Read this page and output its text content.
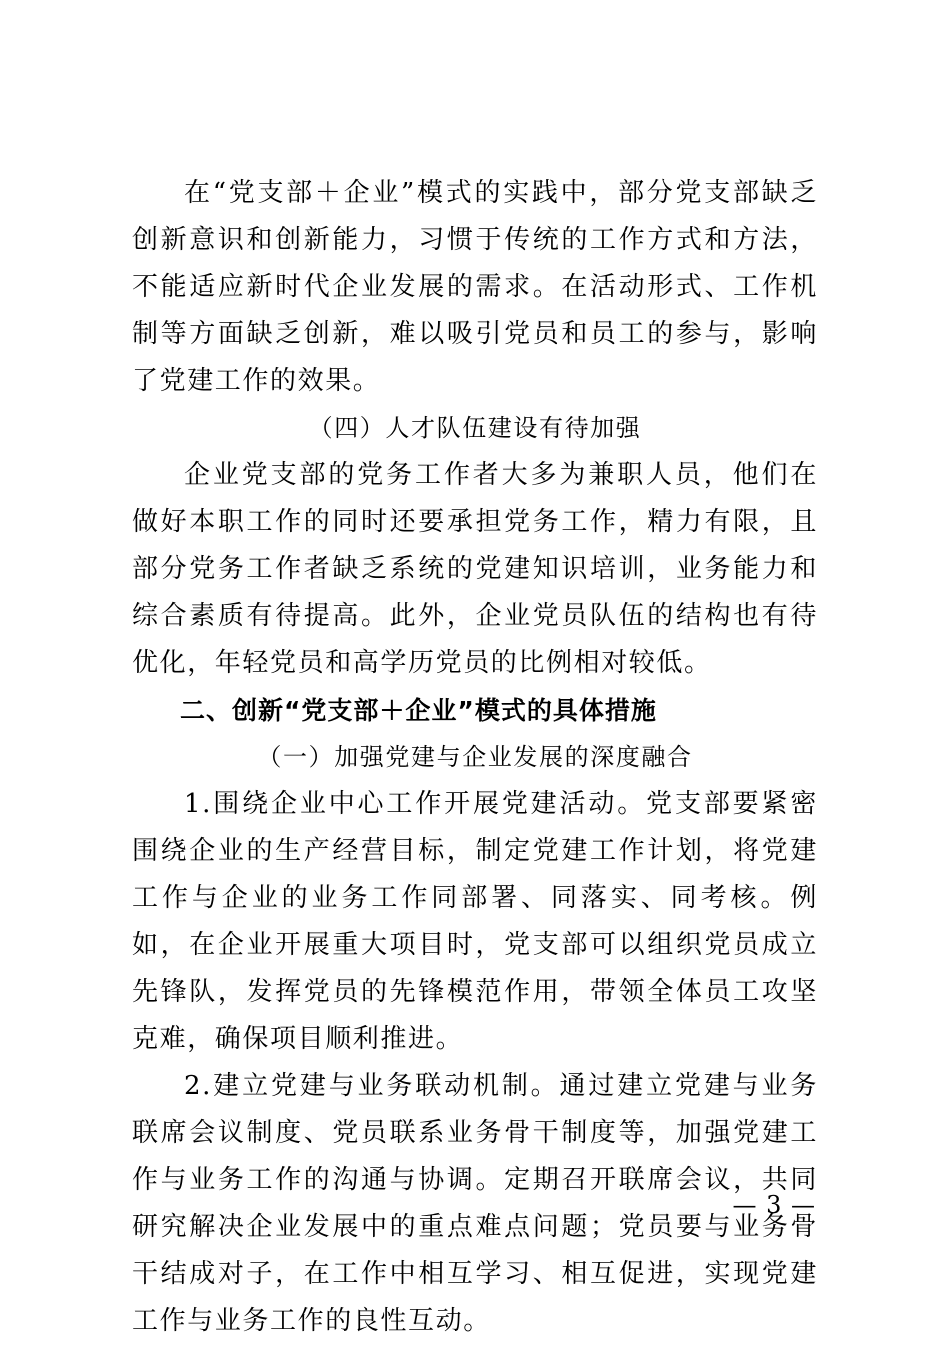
在“党支部＋企业”模式的实践中，部分党支部缺乏创新意识和创新能力，习惯于传统的工作方式和方法，不能适应新时代企业发展的需求。在活动形式、工作机制等方面缺乏创新，难以吸引党员和员工的参与，影响了党建工作的效果。

（四）人才队伍建设有待加强

企业党支部的党务工作者大多为兼职人员，他们在做好本职工作的同时还要承担党务工作，精力有限，且部分党务工作者缺乏系统的党建知识培训，业务能力和综合素质有待提高。此外，企业党员队伍的结构也有待优化，年轻党员和高学历党员的比例相对较低。

二、创新“党支部＋企业”模式的具体措施

（一）加强党建与企业发展的深度融合

1.围绕企业中心工作开展党建活动。党支部要紧密围绕企业的生产经营目标，制定党建工作计划，将党建工作与企业的业务工作同部署、同落实、同考核。例如，在企业开展重大项目时，党支部可以组织党员成立先锋队，发挥党员的先锋模范作用，带领全体员工攻坚克难，确保项目顺利推进。

2.建立党建与业务联动机制。通过建立党建与业务联席会议制度、党员联系业务骨干制度等，加强党建工作与业务工作的沟通与协调。定期召开联席会议，共同研究解决企业发展中的重点难点问题；党员要与业务骨干结成对子，在工作中相互学习、相互促进，实现党建工作与业务工作的良性互动。

— 3 —
